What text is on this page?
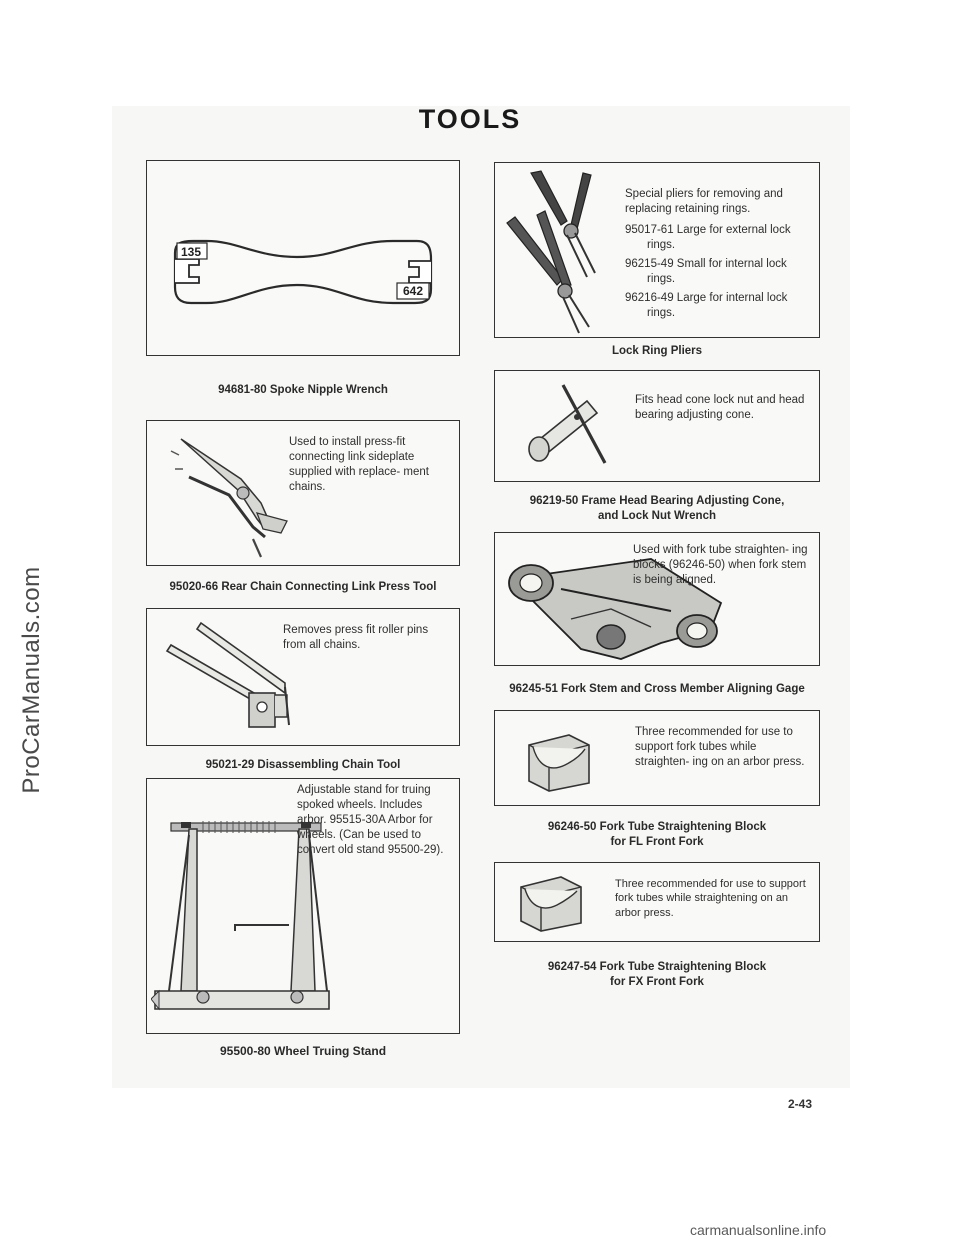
ProCarManuals.com
TOOLS
135
642
94681-80 Spoke Nipple Wrench
Used to install press-fit connecting link sideplate supplied with replace- ment chains.
95020-66 Rear Chain Connecting Link Press Tool
Removes press fit roller pins from all chains.
95021-29 Disassembling Chain Tool
Adjustable stand for truing spoked wheels. Includes arbor. 95515-30A Arbor for wheels. (Can be used to convert old stand 95500-29).
95500-80 Wheel Truing Stand

Special pliers for removing and replacing retaining rings.

95017-61 Large for external lock rings.

96215-49 Small for internal lock rings.

96216-49 Large for internal lock rings.

Lock Ring Pliers
Fits head cone lock nut and head bearing adjusting cone.
96219-50 Frame Head Bearing Adjusting Cone,
and Lock Nut Wrench
Used with fork tube straighten- ing blocks (96246-50) when fork stem is being aligned.
96245-51 Fork Stem and Cross Member Aligning Gage
Three recommended for use to support fork tubes while straighten- ing on an arbor press.
96246-50 Fork Tube Straightening Block
for FL Front Fork
Three recommended for use to support fork tubes while straightening on an arbor press.
96247-54 Fork Tube Straightening Block
for FX Front Fork
2-43
carmanualsonline.info
